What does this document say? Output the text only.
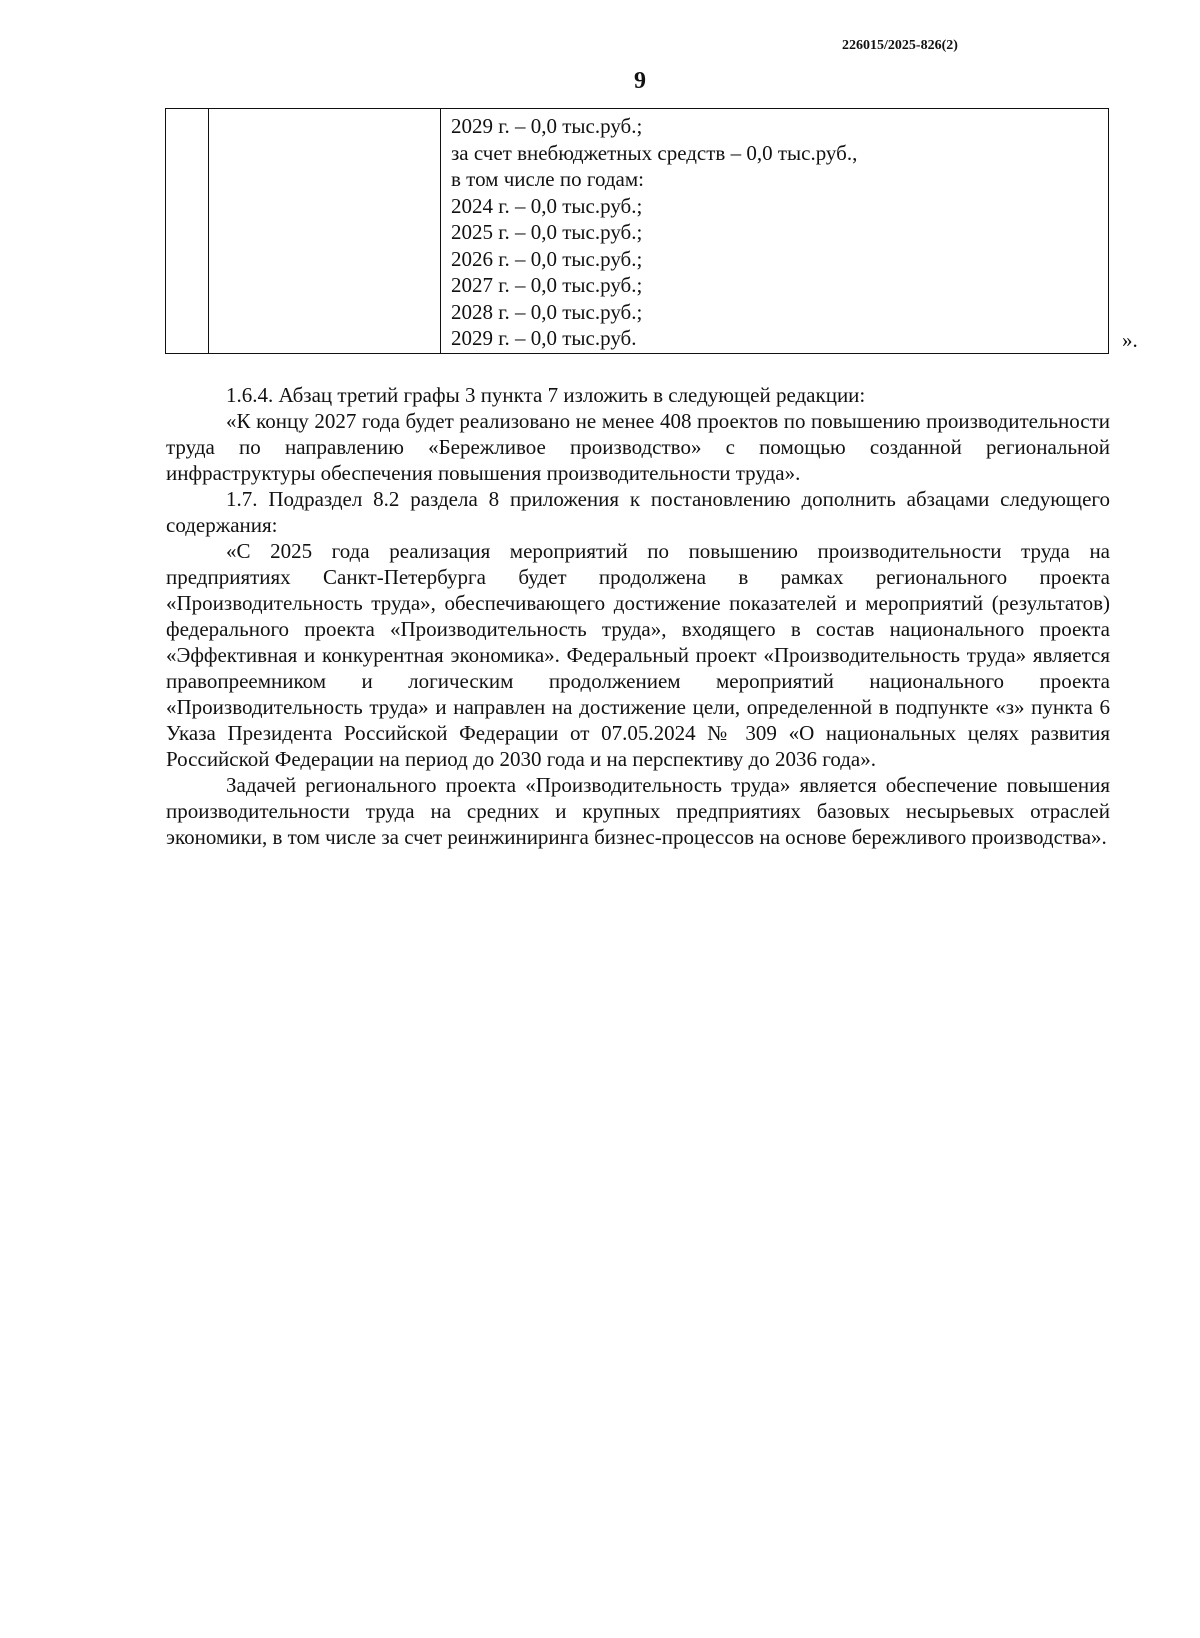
226015/2025-826(2)
9
2029 г. – 0,0 тыс.руб.;
за счет внебюджетных средств – 0,0 тыс.руб.,
в том числе по годам:
2024 г. – 0,0 тыс.руб.;
2025 г. – 0,0 тыс.руб.;
2026 г. – 0,0 тыс.руб.;
2027 г. – 0,0 тыс.руб.;
2028 г. – 0,0 тыс.руб.;
2029 г. – 0,0 тыс.руб.	».

1.6.4. Абзац третий графы 3 пункта 7 изложить в следующей редакции:

«К концу 2027 года будет реализовано не менее 408 проектов по повышению производительности труда по направлению «Бережливое производство» с помощью созданной региональной инфраструктуры обеспечения повышения производительности труда».

1.7. Подраздел 8.2 раздела 8 приложения к постановлению дополнить абзацами следующего содержания:

«С 2025 года реализация мероприятий по повышению производительности труда на предприятиях Санкт-Петербурга будет продолжена в рамках регионального проекта «Производительность труда», обеспечивающего достижение показателей и мероприятий (результатов) федерального проекта «Производительность труда», входящего в состав национального проекта «Эффективная и конкурентная экономика». Федеральный проект «Производительность труда» является правопреемником и логическим продолжением мероприятий национального проекта «Производительность труда» и направлен на достижение цели, определенной в подпункте «з» пункта 6 Указа Президента Российской Федерации от 07.05.2024 № 309 «О национальных целях развития Российской Федерации на период до 2030 года и на перспективу до 2036 года».

Задачей регионального проекта «Производительность труда» является обеспечение повышения производительности труда на средних и крупных предприятиях базовых несырьевых отраслей экономики, в том числе за счет реинжиниринга бизнес-процессов на основе бережливого производства».
